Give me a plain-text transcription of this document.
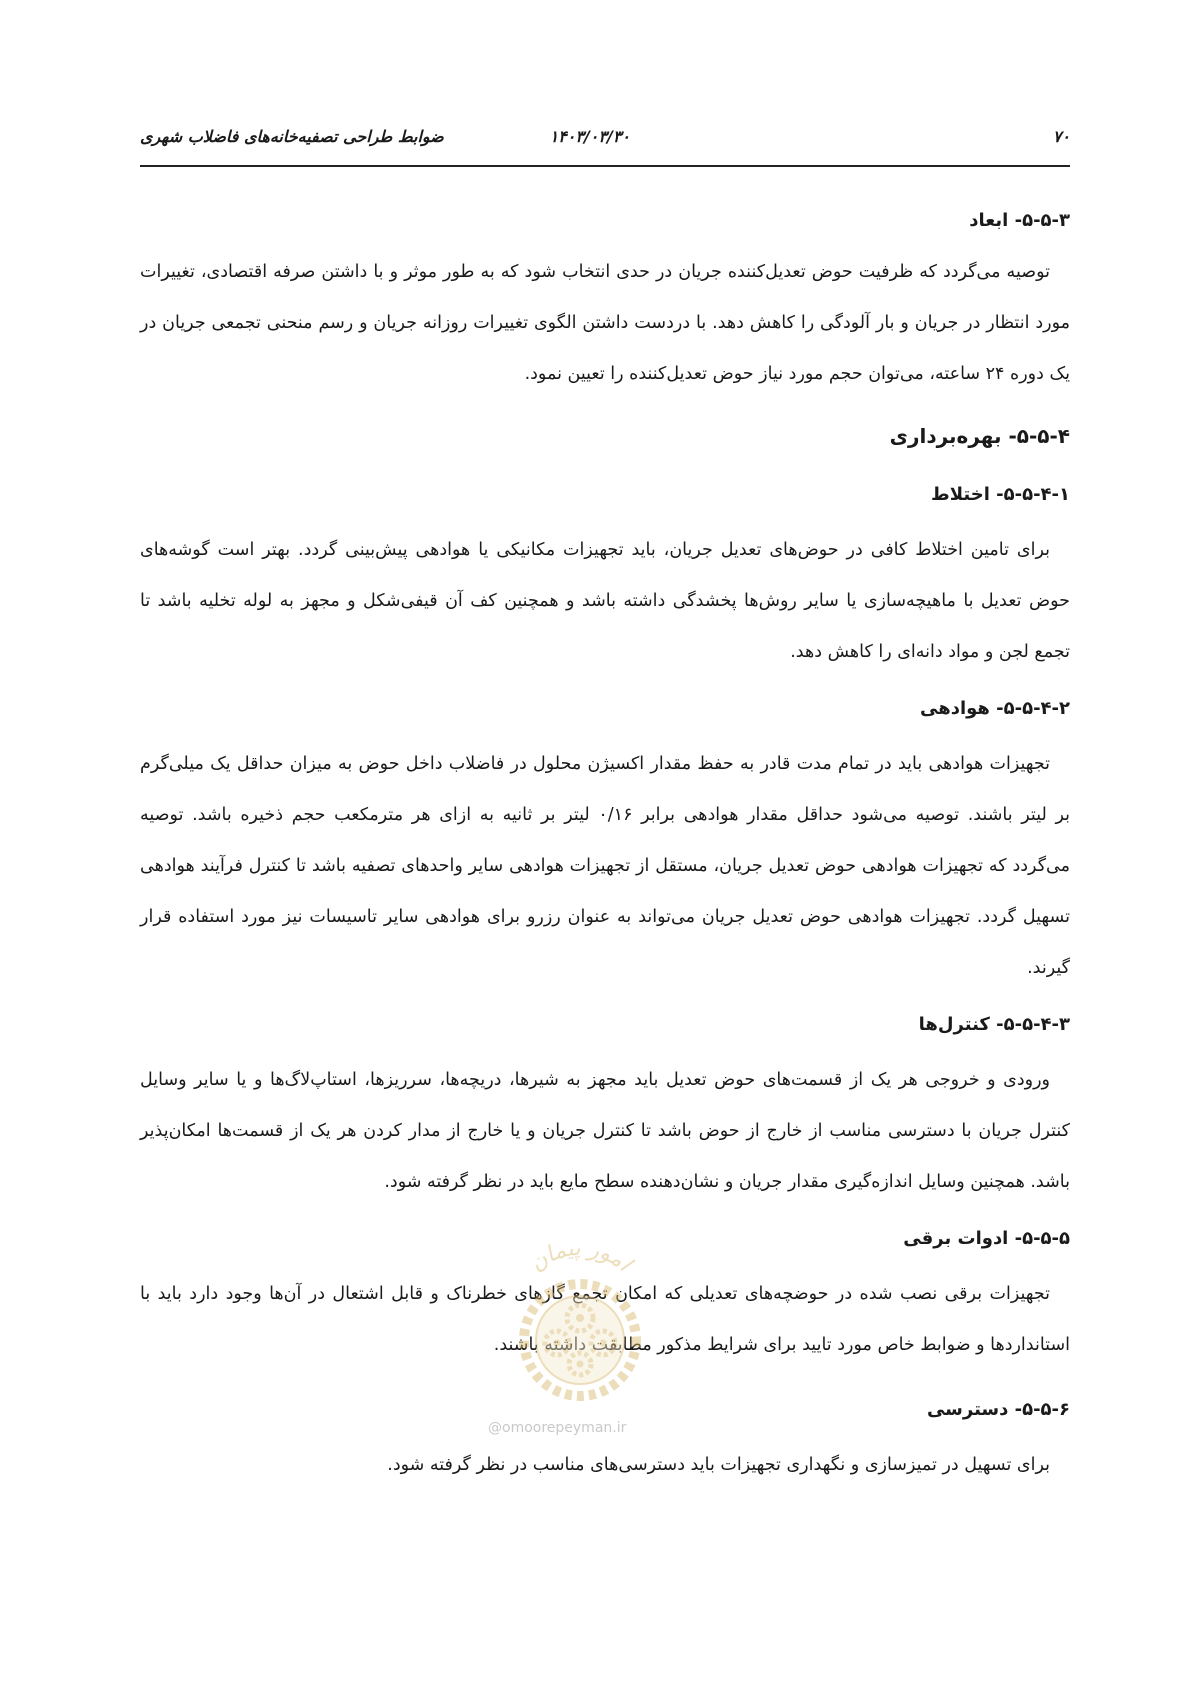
۷۰
۱۴۰۳/۰۳/۳۰
ضوابط طراحی تصفیه‌خانه‌های فاضلاب شهری
۵-۵-۳- ابعاد

توصیه می‌گردد که ظرفیت حوض تعدیل‌کننده جریان در حدی انتخاب شود که به طور موثر و با داشتن صرفه اقتصادی، تغییرات مورد انتظار در جریان و بار آلودگی را کاهش دهد. با دردست داشتن الگوی تغییرات روزانه جریان و رسم منحنی تجمعی جریان در یک دوره ۲۴ ساعته، می‌توان حجم مورد نیاز حوض تعدیل‌کننده را تعیین نمود.

۵-۵-۴- بهره‌برداری
۵-۵-۴-۱- اختلاط

برای تامین اختلاط کافی در حوض‌های تعدیل جریان، باید تجهیزات مکانیکی یا هوادهی پیش‌بینی گردد. بهتر است گوشه‌های حوض تعدیل با ماهیچه‌سازی یا سایر روش‌ها پخشدگی داشته باشد و همچنین کف آن قیفی‌شکل و مجهز به لوله تخلیه باشد تا تجمع لجن و مواد دانه‌ای را کاهش دهد.

۵-۵-۴-۲- هوادهی

تجهیزات هوادهی باید در تمام مدت قادر به حفظ مقدار اکسیژن محلول در فاضلاب داخل حوض به میزان حداقل یک میلی‌گرم بر لیتر باشند. توصیه می‌شود حداقل مقدار هوادهی برابر ۰/۱۶ لیتر بر ثانیه به ازای هر مترمکعب حجم ذخیره باشد. توصیه می‌گردد که تجهیزات هوادهی حوض تعدیل جریان، مستقل از تجهیزات هوادهی سایر واحدهای تصفیه باشد تا کنترل فرآیند هوادهی تسهیل گردد. تجهیزات هوادهی حوض تعدیل جریان می‌تواند به عنوان رزرو برای هوادهی سایر تاسیسات نیز مورد استفاده قرار گیرند.

۵-۵-۴-۳- کنترل‌ها

ورودی و خروجی هر یک از قسمت‌های حوض تعدیل باید مجهز به شیرها، دریچه‌ها، سرریزها، استاپ‌لاگ‌ها و یا سایر وسایل کنترل جریان با دسترسی مناسب از خارج از حوض باشد تا کنترل جریان و یا خارج از مدار کردن هر یک از قسمت‌ها امکان‌پذیر باشد. همچنین وسایل اندازه‌گیری مقدار جریان و نشان‌دهنده سطح مایع باید در نظر گرفته شود.

۵-۵-۵- ادوات برقی

تجهیزات برقی نصب شده در حوضچه‌های تعدیلی که امکان تجمع گازهای خطرناک و قابل اشتعال در آن‌ها وجود دارد باید با استانداردها و ضوابط خاص مورد تایید برای شرایط مذکور مطابقت داشته باشند.

۵-۵-۶- دسترسی

برای تسهیل در تمیزسازی و نگهداری تجهیزات باید دسترسی‌های مناسب در نظر گرفته شود.

امور پیمان
@omoorepeyman.ir
